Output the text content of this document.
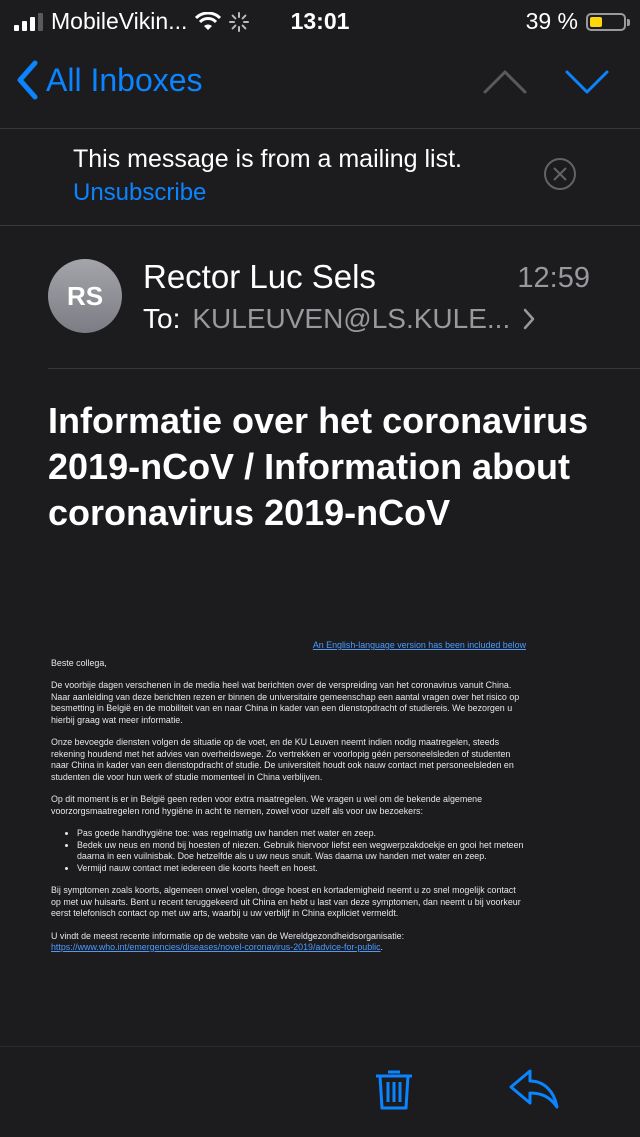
MobileVikin...	13:01	39 %
All Inboxes
This message is from a mailing list.
Unsubscribe
RS
Rector Luc Sels	12:59
To: KULEUVEN@LS.KULE...
Informatie over het coronavirus 2019-nCoV / Information about coronavirus 2019-nCoV

An English-language version has been included below

Beste collega,

De voorbije dagen verschenen in de media heel wat berichten over de verspreiding van het coronavirus vanuit China. Naar aanleiding van deze berichten rezen er binnen de universitaire gemeenschap een aantal vragen over het risico op besmetting in België en de mobiliteit van en naar China in kader van een dienstopdracht of studiereis. We bezorgen u hierbij graag wat meer informatie.

Onze bevoegde diensten volgen de situatie op de voet, en de KU Leuven neemt indien nodig maatregelen, steeds rekening houdend met het advies van overheidswege. Zo vertrekken er voorlopig géén personeelsleden of studenten naar China in kader van een dienstopdracht of studie. De universiteit houdt ook nauw contact met personeelsleden en studenten die voor hun werk of studie momenteel in China verblijven.

Op dit moment is er in België geen reden voor extra maatregelen. We vragen u wel om de bekende algemene voorzorgsmaatregelen rond hygiëne in acht te nemen, zowel voor uzelf als voor uw bezoekers:

• Pas goede handhygiëne toe: was regelmatig uw handen met water en zeep.
• Bedek uw neus en mond bij hoesten of niezen. Gebruik hiervoor liefst een wegwerpzakdoekje en gooi het meteen daarna in een vuilnisbak. Doe hetzelfde als u uw neus snuit. Was daarna uw handen met water en zeep.
• Vermijd nauw contact met iedereen die koorts heeft en hoest.

Bij symptomen zoals koorts, algemeen onwel voelen, droge hoest en kortademigheid neemt u zo snel mogelijk contact op met uw huisarts. Bent u recent teruggekeerd uit China en hebt u last van deze symptomen, dan neemt u bij voorkeur eerst telefonisch contact op met uw arts, waarbij u uw verblijf in China expliciet vermeldt.

U vindt de meest recente informatie op de website van de Wereldgezondheidsorganisatie:
https://www.who.int/emergencies/diseases/novel-coronavirus-2019/advice-for-public.
